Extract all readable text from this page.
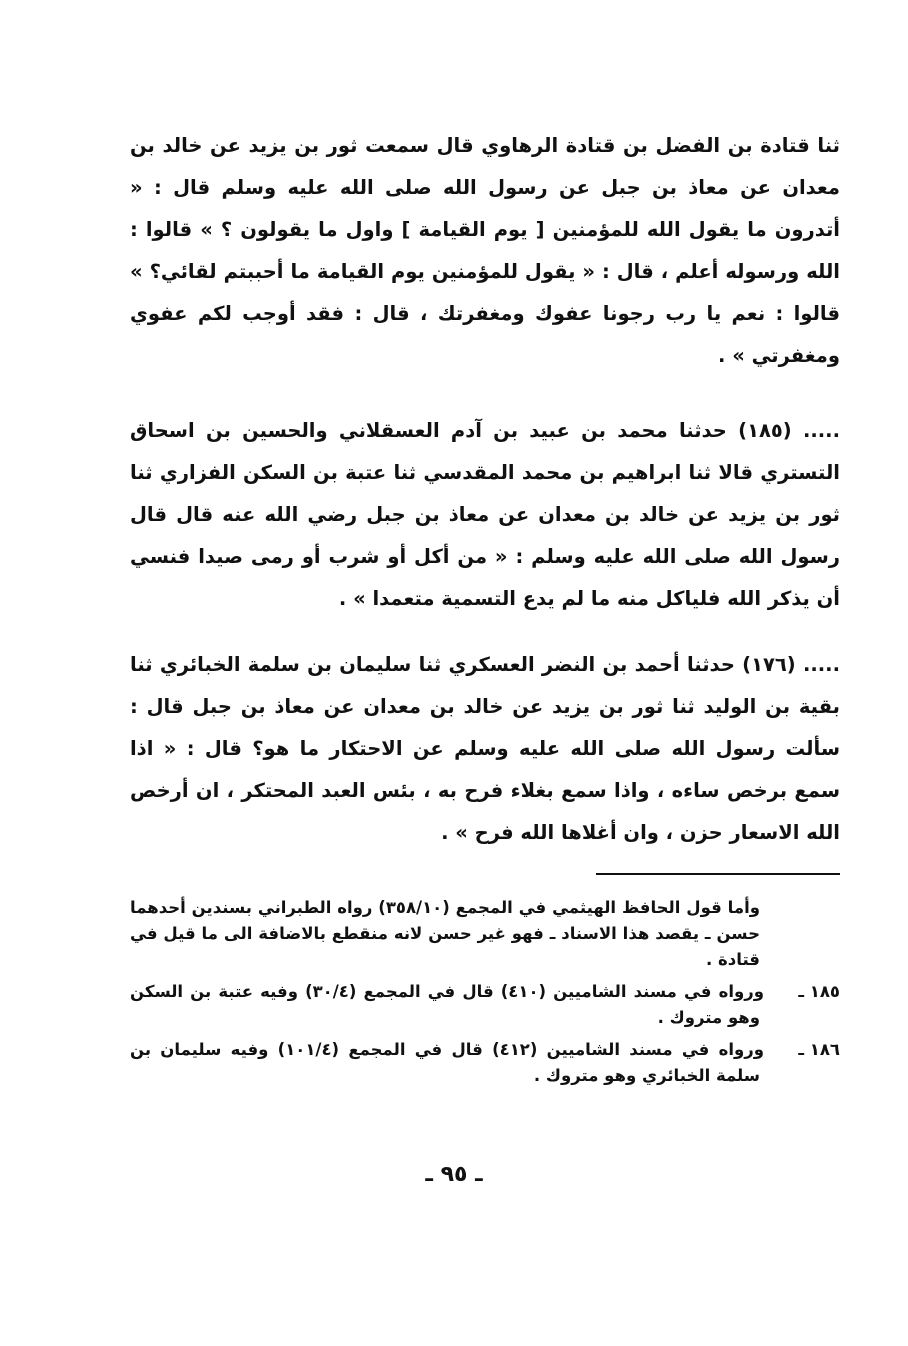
ثنا قتادة بن الفضل بن قتادة الرهاوي قال سمعت ثور بن يزيد عن خالد بن معدان عن معاذ بن جبل عن رسول الله صلى الله عليه وسلم قال : « أتدرون ما يقول الله للمؤمنين [ يوم القيامة ] واول ما يقولون ؟ » قالوا : الله ورسوله أعلم ، قال : « يقول للمؤمنين يوم القيامة ما أحببتم لقائي؟ » قالوا : نعم يا رب رجونا عفوك ومغفرتك ، قال : فقد أوجب لكم عفوي ومغفرتي » .

..... (١٨٥) حدثنا محمد بن عبيد بن آدم العسقلاني والحسين بن اسحاق التستري قالا ثنا ابراهيم بن محمد المقدسي ثنا عتبة بن السكن الفزاري ثنا ثور بن يزيد عن خالد بن معدان عن معاذ بن جبل رضي الله عنه قال قال رسول الله صلى الله عليه وسلم : « من أكل أو شرب أو رمى صيدا فنسي أن يذكر الله فلياكل منه ما لم يدع التسمية متعمدا » .

..... (١٧٦) حدثنا أحمد بن النضر العسكري ثنا سليمان بن سلمة الخبائري ثنا بقية بن الوليد ثنا ثور بن يزيد عن خالد بن معدان عن معاذ بن جبل قال : سألت رسول الله صلى الله عليه وسلم عن الاحتكار ما هو؟ قال : « اذا سمع برخص ساءه ، واذا سمع بغلاء فرح به ، بئس العبد المحتكر ، ان أرخص الله الاسعار حزن ، وان أغلاها الله فرح » .

وأما قول الحافظ الهيثمي في المجمع (٣٥٨/١٠) رواه الطبراني بسندين أحدهما حسن ـ يقصد هذا الاسناد ـ فهو غير حسن لانه منقطع بالاضافة الى ما قيل في قتادة .

١٨٥ ـورواه في مسند الشاميين (٤١٠) قال في المجمع (٣٠/٤) وفيه عتبة بن السكن وهو متروك .

١٨٦ ـورواه في مسند الشاميين (٤١٢) قال في المجمع (١٠١/٤) وفيه سليمان بن سلمة الخبائري وهو متروك .

ـ ٩٥ ـ
